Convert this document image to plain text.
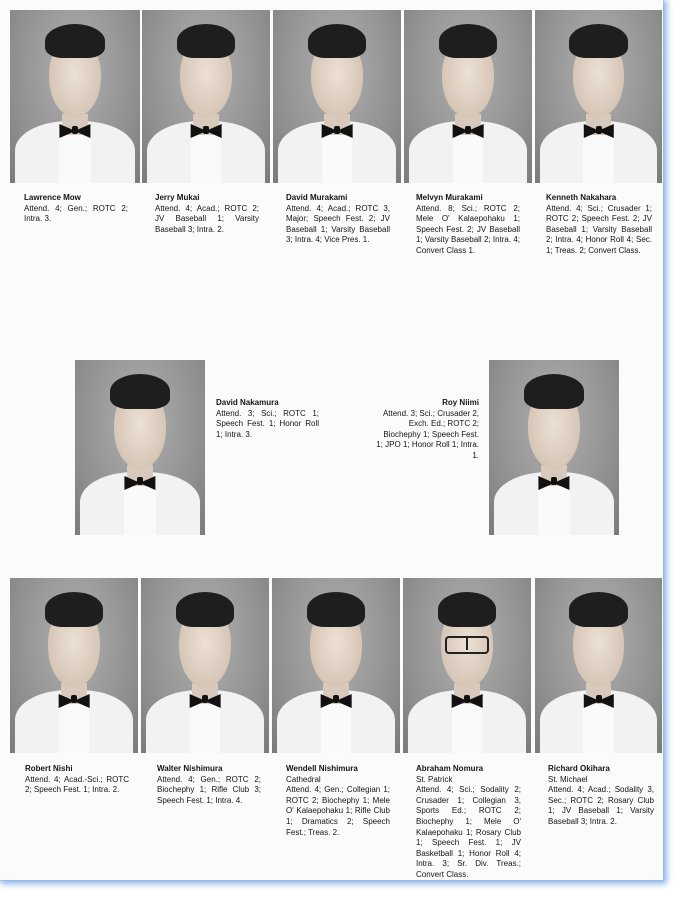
Lawrence Mow
Attend. 4; Gen.; ROTC 2; Intra. 3.
Jerry Mukai
Attend. 4; Acad.; ROTC 2; JV Baseball 1; Varsity Baseball 3; Intra. 2.
David Murakami
Attend. 4; Acad.; ROTC 3, Major; Speech Fest. 2; JV Baseball 1; Varsity Baseball 3; Intra. 4; Vice Pres. 1.
Melvyn Murakami
Attend. 8; Sci.; ROTC 2; Mele O' Kalaepohaku 1; Speech Fest. 2; JV Baseball 1; Varsity Baseball 2; Intra. 4; Convert Class 1.
Kenneth Nakahara
Attend. 4; Sci.; Crusader 1; ROTC 2; Speech Fest. 2; JV Baseball 1; Varsity Baseball 2; Intra. 4; Honor Roll 4; Sec. 1; Treas. 2; Convert Class.
David Nakamura
Attend. 3; Sci.; ROTC 1; Speech Fest. 1; Honor Roll 1; Intra. 3.
Roy Niimi
Attend. 3; Sci.; Crusader 2, Exch. Ed.; ROTC 2; Biochephy 1; Speech Fest. 1; JPO 1; Honor Roll 1; Intra. 1.
Robert Nishi
Attend. 4; Acad.-Sci.; ROTC 2; Speech Fest. 1; Intra. 2.
Walter Nishimura
Attend. 4; Gen.; ROTC 2; Biochephy 1; Rifle Club 3; Speech Fest. 1; Intra. 4.
Wendell Nishimura
Cathedral
Attend. 4; Gen.; Collegian 1; ROTC 2; Biochephy 1; Mele O' Kalaepohaku 1; Rifle Club 1; Dramatics 2; Speech Fest.; Treas. 2.
Abraham Nomura
St. Patrick
Attend. 4; Sci.; Sodality 2; Crusader 1; Collegian 3, Sports Ed.; ROTC 2; Biochephy 1; Mele O' Kalaepohaku 1; Rosary Club 1; Speech Fest. 1; JV Basketball 1; Honor Roll 4; Intra. 3; Sr. Div. Treas.; Convert Class.
Richard Okihara
St. Michael
Attend. 4; Acad.; Sodality 3, Sec.; ROTC 2; Rosary Club 1; JV Baseball 1; Varsity Baseball 3; Intra. 2.
